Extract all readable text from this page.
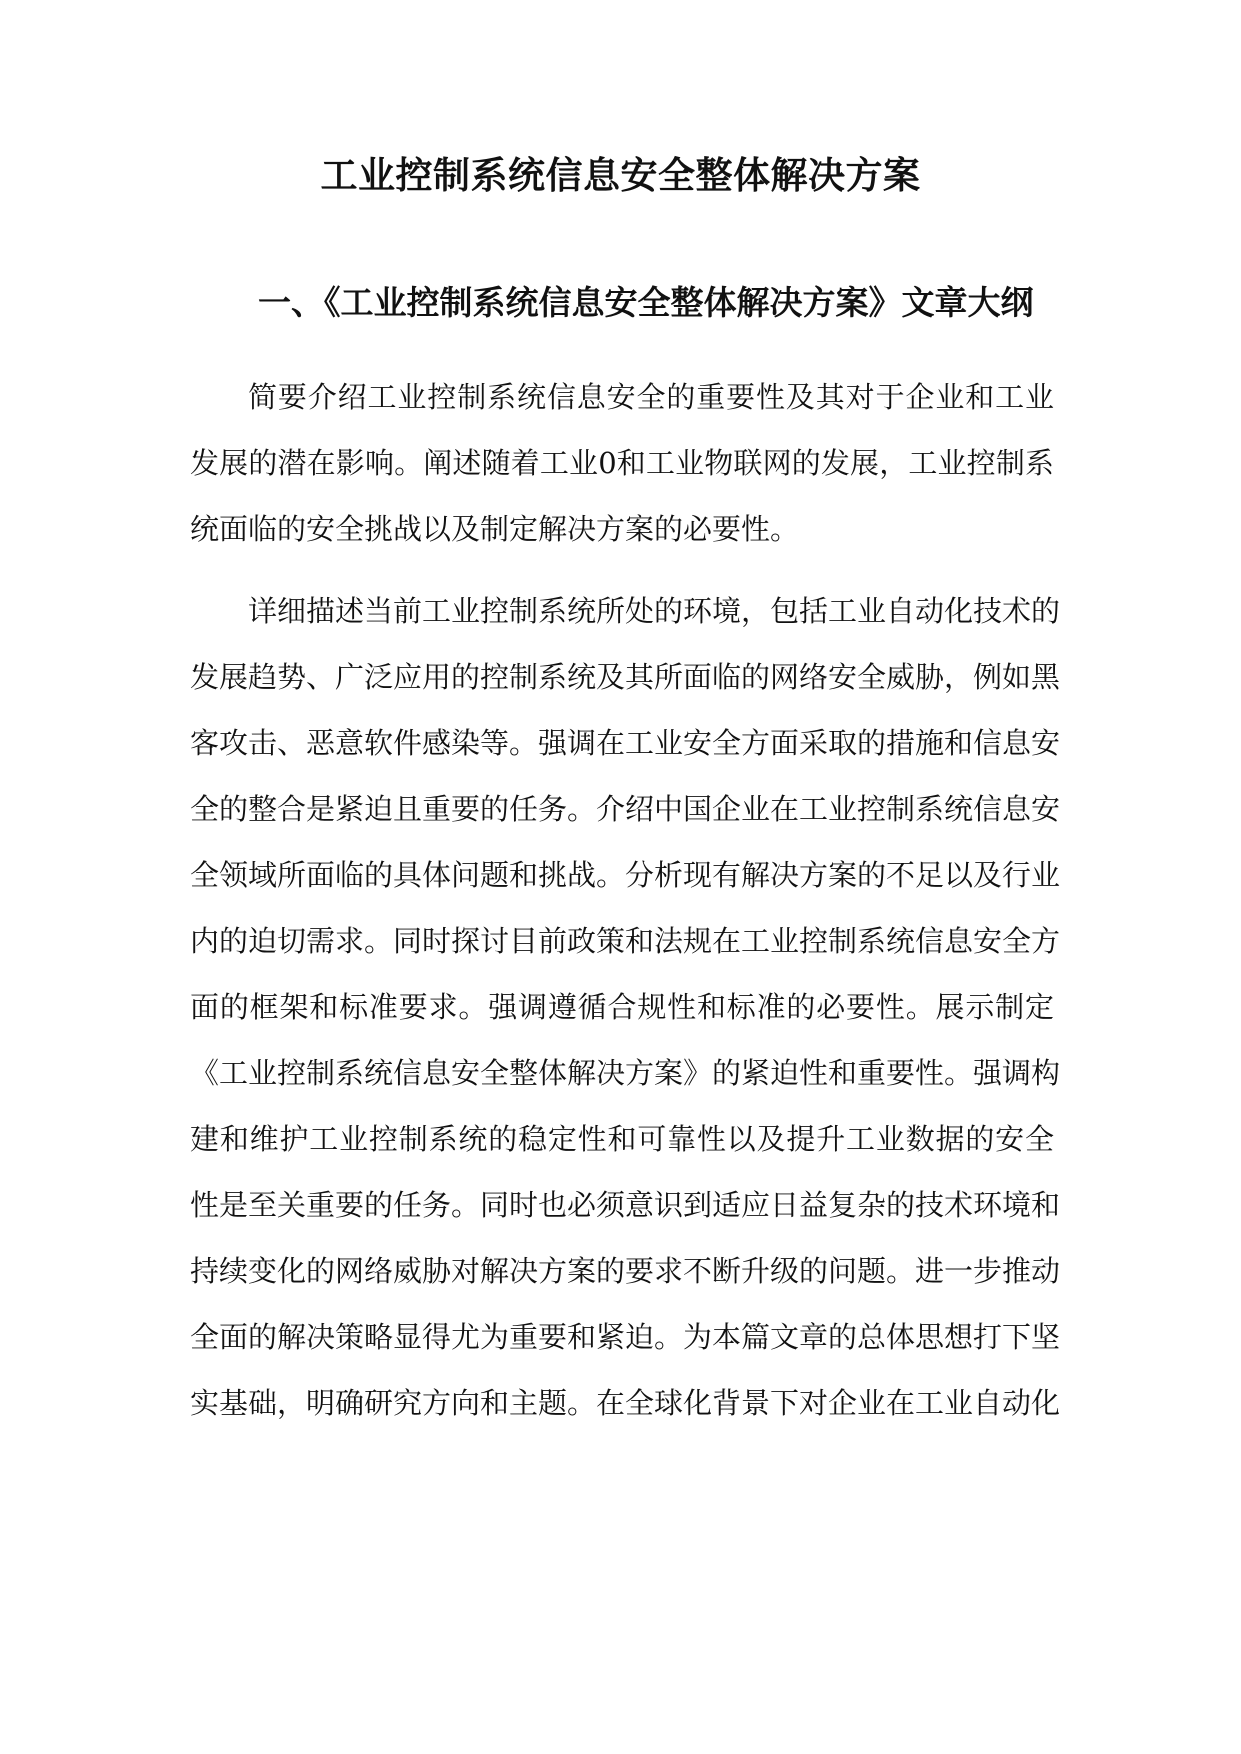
工业控制系统信息安全整体解决方案
一、《工业控制系统信息安全整体解决方案》文章大纲
简要介绍工业控制系统信息安全的重要性及其对于企业和工业
发展的潜在影响。阐述随着工业0和工业物联网的发展，工业控制系
统面临的安全挑战以及制定解决方案的必要性。
详细描述当前工业控制系统所处的环境，包括工业自动化技术的
发展趋势、广泛应用的控制系统及其所面临的网络安全威胁，例如黑
客攻击、恶意软件感染等。强调在工业安全方面采取的措施和信息安
全的整合是紧迫且重要的任务。介绍中国企业在工业控制系统信息安
全领域所面临的具体问题和挑战。分析现有解决方案的不足以及行业
内的迫切需求。同时探讨目前政策和法规在工业控制系统信息安全方
面的框架和标准要求。强调遵循合规性和标准的必要性。展示制定
《工业控制系统信息安全整体解决方案》的紧迫性和重要性。强调构
建和维护工业控制系统的稳定性和可靠性以及提升工业数据的安全
性是至关重要的任务。同时也必须意识到适应日益复杂的技术环境和
持续变化的网络威胁对解决方案的要求不断升级的问题。进一步推动
全面的解决策略显得尤为重要和紧迫。为本篇文章的总体思想打下坚
实基础，明确研究方向和主题。在全球化背景下对企业在工业自动化
